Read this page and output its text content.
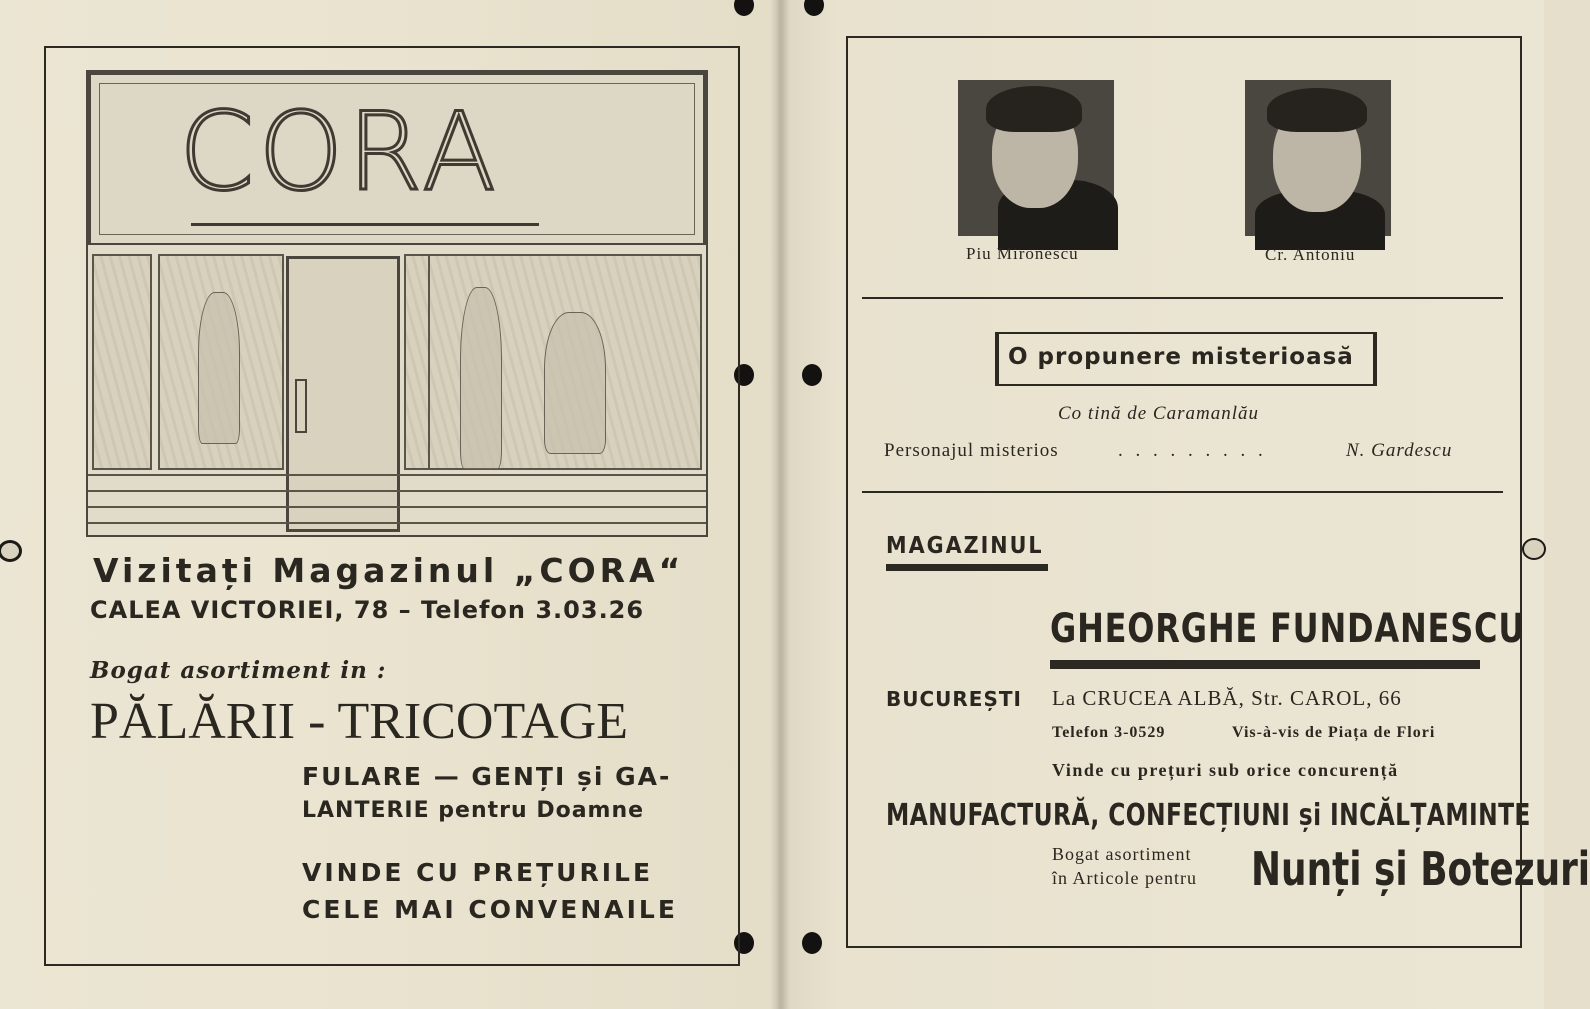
CORA
Vizitați Magazinul „CORA“
CALEA VICTORIEI, 78 – Telefon 3.03.26
Bogat asortiment in :
PĂLĂRII - TRICOTAGE
FULARE — GENȚI și GA-
LANTERIE pentru Doamne
VINDE CU PREȚURILE
CELE MAI CONVENAILE
Piu Mironescu	Cr. Antoniu
O propunere misterioasă
Co tină de Caramanlău
Personajul misterios	. . . . . . . . .	N. Gardescu
MAGAZINUL
GHEORGHE FUNDANESCU
BUCUREȘTI La CRUCEA ALBĂ, Str. CAROL, 66
Telefon 3-0529	Vis-à-vis de Piața de Flori
Vinde cu prețuri sub orice concurență
MANUFACTURĂ, CONFECȚIUNI și INCĂLȚAMINTE
Bogat asortiment
în Articole pentru Nunți și Botezuri
